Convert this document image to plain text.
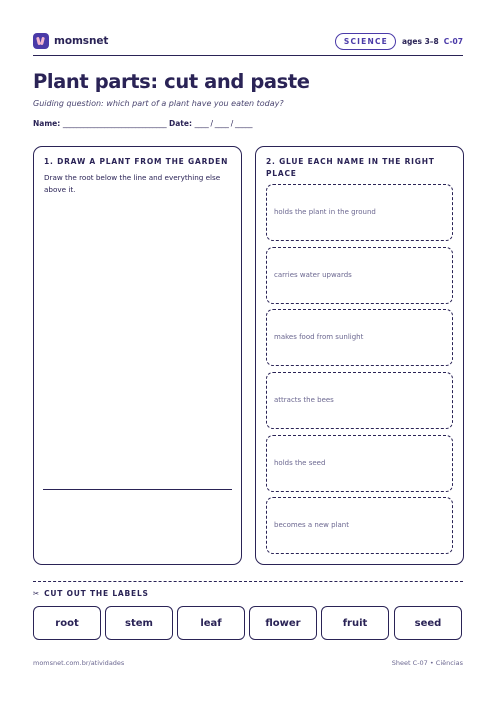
momsnet	SCIENCE	ages 3–8 C-07
Plant parts: cut and paste

Guiding question: which part of a plant have you eaten today?

Name: ______________________________ Date: ____ / ____ / _____
1. DRAW A PLANT FROM THE GARDEN
Draw the root below the line and everything else above it.
2. GLUE EACH NAME IN THE RIGHT PLACE
holds the plant in the ground
carries water upwards
makes food from sunlight
attracts the bees
holds the seed
becomes a new plant
✂ CUT OUT THE LABELS
root	stem	leaf	flower	fruit	seed
momsnet.com.br/atividades	Sheet C-07 • Ciências
